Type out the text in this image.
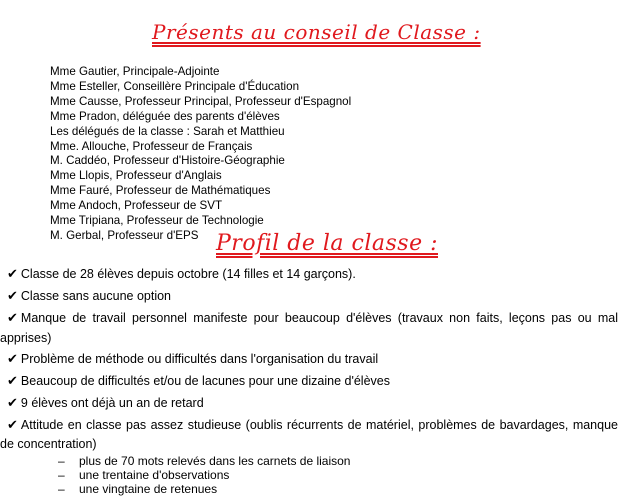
Présents au conseil de Classe :
Mme Gautier, Principale-Adjointe
Mme Esteller, Conseillère Principale d'Éducation
Mme Causse, Professeur Principal, Professeur d'Espagnol
Mme Pradon, déléguée des parents d'élèves
Les délégués de la classe : Sarah et Matthieu
Mme. Allouche, Professeur de Français
M. Caddéo, Professeur d'Histoire-Géographie
Mme Llopis, Professeur d'Anglais
Mme Fauré, Professeur de Mathématiques
Mme Andoch, Professeur de SVT
Mme Tripiana, Professeur de Technologie
M. Gerbal, Professeur d'EPS Profil de la classe :

✔ Classe de 28 élèves depuis octobre (14 filles et 14 garçons).

✔ Classe sans aucune option

✔ Manque de travail personnel manifeste pour beaucoup d'élèves (travaux non faits, leçons pas ou mal apprises)

✔ Problème de méthode ou difficultés dans l'organisation du travail

✔ Beaucoup de difficultés et/ou de lacunes pour une dizaine d'élèves

✔ 9 élèves ont déjà un an de retard

✔ Attitude en classe pas assez studieuse (oublis récurrents de matériel, problèmes de bavardages, manque de concentration)

– plus de 70 mots relevés dans les carnets de liaison
– une trentaine d'observations
– une vingtaine de retenues
